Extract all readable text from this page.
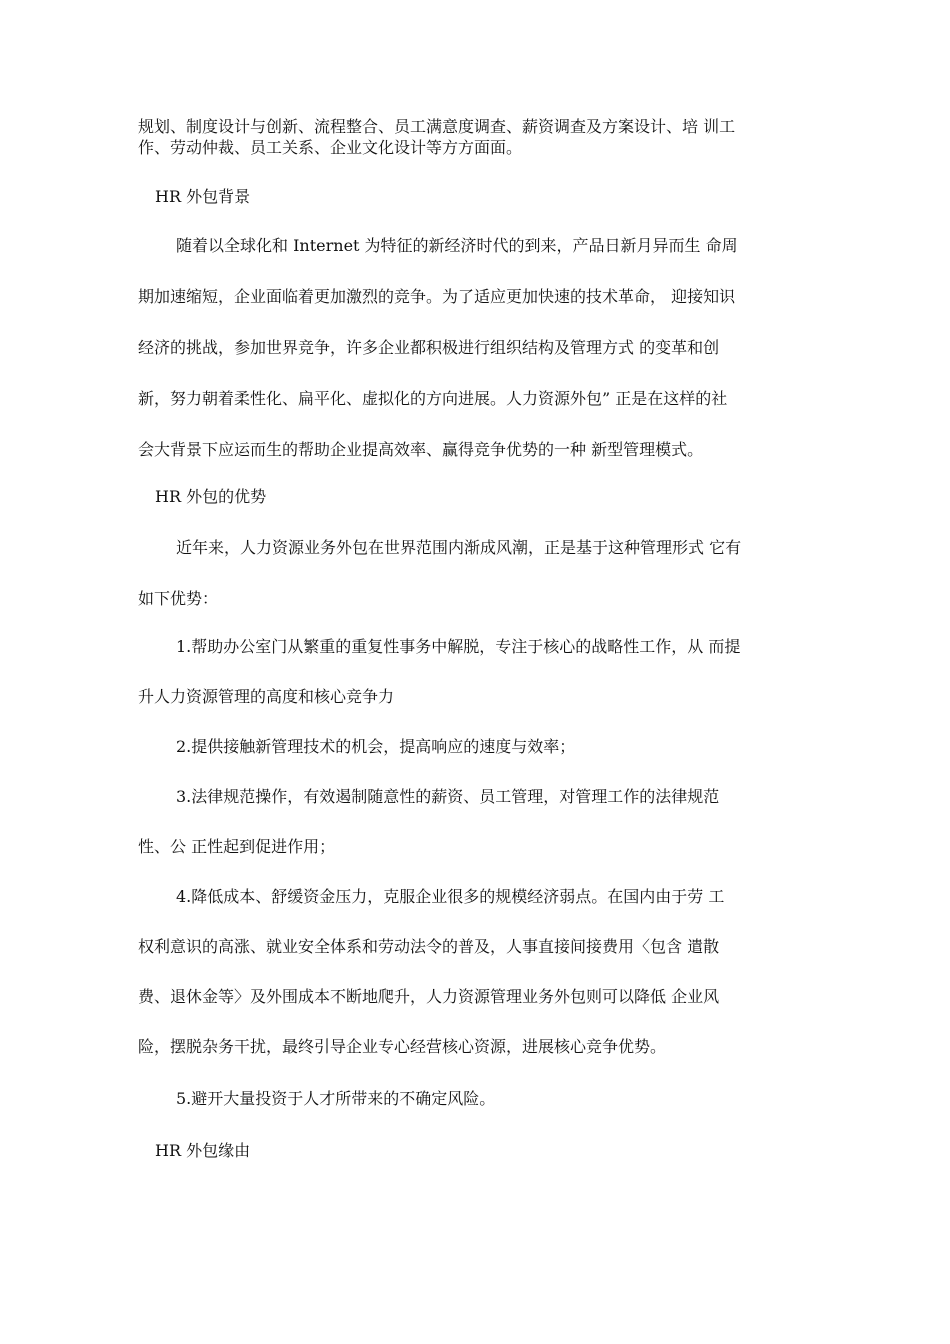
规划、制度设计与创新、流程整合、员工满意度调查、薪资调查及方案设计、培 训工
作、劳动仲裁、员工关系、企业文化设计等方方面面。

HR 外包背景

随着以全球化和 Internet 为特征的新经济时代的到来，产品日新月异而生 命周
期加速缩短，企业面临着更加激烈的竞争。为了适应更加快速的技术革命， 迎接知识
经济的挑战，参加世界竞争，许多企业都积极进行组织结构及管理方式 的变革和创
新，努力朝着柔性化、扁平化、虚拟化的方向进展。人力资源外包” 正是在这样的社
会大背景下应运而生的帮助企业提高效率、赢得竞争优势的一种 新型管理模式。

HR 外包的优势

近年来，人力资源业务外包在世界范围内渐成风潮，正是基于这种管理形式 它有
如下优势：

1.帮助办公室门从繁重的重复性事务中解脱，专注于核心的战略性工作，从 而提
升人力资源管理的高度和核心竞争力

2.提供接触新管理技术的机会，提高响应的速度与效率；

3.法律规范操作，有效遏制随意性的薪资、员工管理，对管理工作的法律规范
性、公 正性起到促进作用；

4.降低成本、舒缓资金压力，克服企业很多的规模经济弱点。在国内由于劳 工
权利意识的高涨、就业安全体系和劳动法令的普及，人事直接间接费用〈包含 遣散
费、退休金等〉及外围成本不断地爬升，人力资源管理业务外包则可以降低 企业风
险，摆脱杂务干扰，最终引导企业专心经营核心资源，进展核心竞争优势。

5.避开大量投资于人才所带来的不确定风险。

HR 外包缘由
